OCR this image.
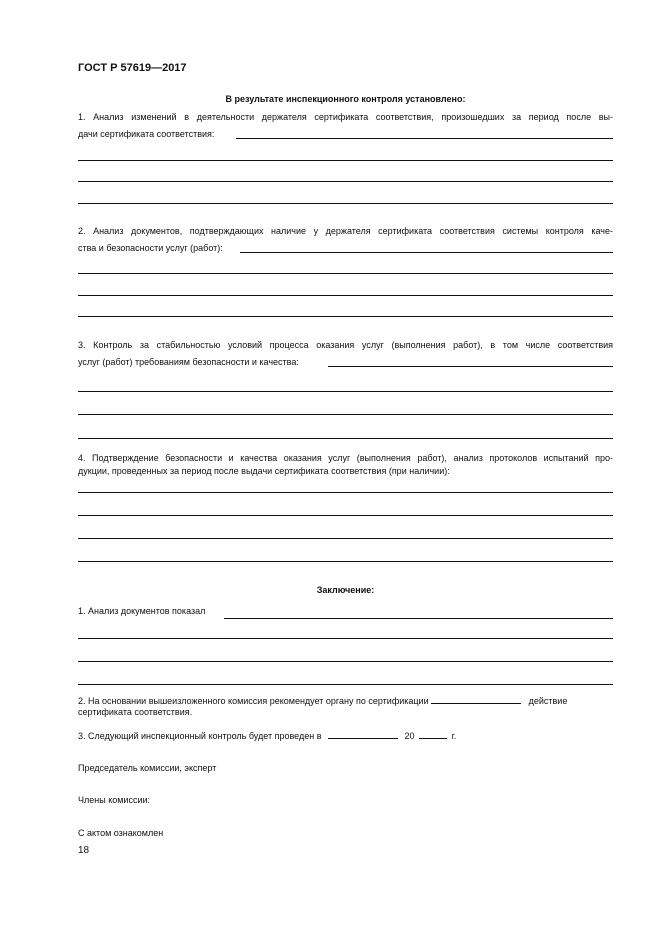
ГОСТ Р 57619—2017
В результате инспекционного контроля установлено:
1. Анализ изменений в деятельности держателя сертификата соответствия, произошедших за период после вы-
дачи сертификата соответствия:
2. Анализ документов, подтверждающих наличие у держателя сертификата соответствия системы контроля каче-
ства и безопасности услуг (работ):
3. Контроль за стабильностью условий процесса оказания услуг (выполнения работ), в том числе соответствия
услуг (работ) требованиям безопасности и качества:
4. Подтверждение безопасности и качества оказания услуг (выполнения работ), анализ протоколов испытаний про-
дукции, проведенных за период после выдачи сертификата соответствия (при наличии):
Заключение:
1. Анализ документов показал
2. На основании вышеизложенного комиссия рекомендует органу по сертификации	действие
сертификата соответствия.
3. Следующий инспекционный контроль будет проведен в	20	г.
Председатель комиссии, эксперт
Члены комиссии:
С актом ознакомлен
18
